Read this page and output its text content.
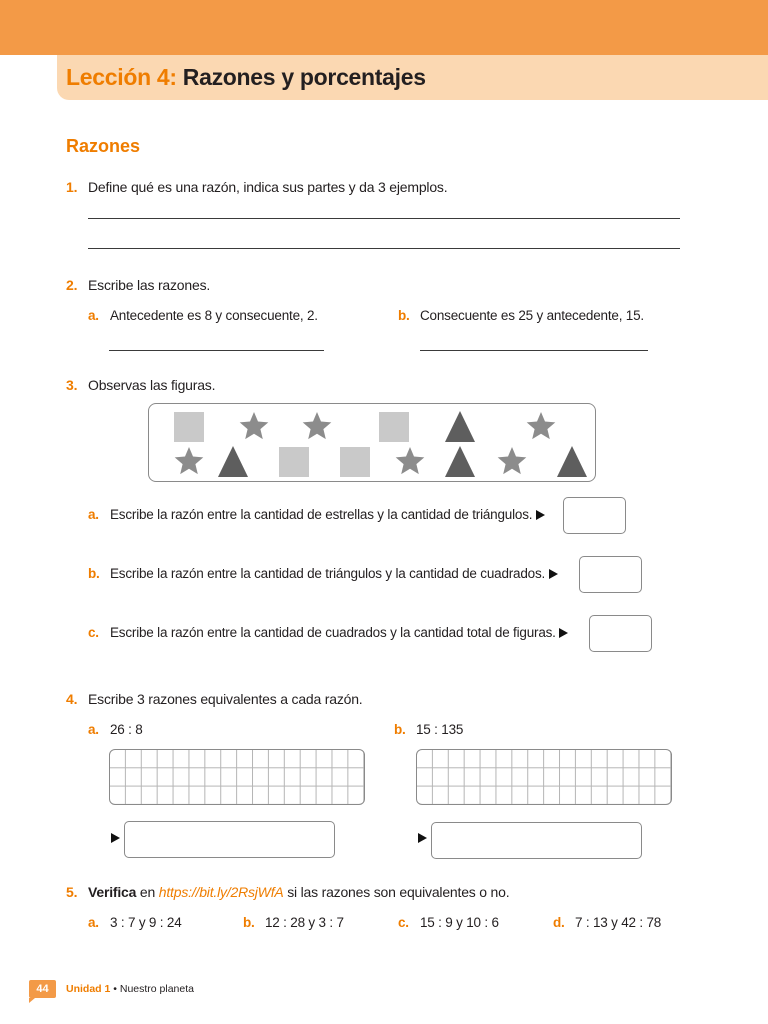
Lección 4: Razones y porcentajes
Razones
1. Define qué es una razón, indica sus partes y da 3 ejemplos.
2. Escribe las razones.
a. Antecedente es 8 y consecuente, 2.	b. Consecuente es 25 y antecedente, 15.
3. Observas las figuras.
a. Escribe la razón entre la cantidad de estrellas y la cantidad de triángulos.
b. Escribe la razón entre la cantidad de triángulos y la cantidad de cuadrados.
c. Escribe la razón entre la cantidad de cuadrados y la cantidad total de figuras.
4. Escribe 3 razones equivalentes a cada razón.
a. 26 : 8	b. 15 : 135
5. Verifica en https://bit.ly/2RsjWfA si las razones son equivalentes o no.
a. 3 : 7 y 9 : 24	b. 12 : 28 y 3 : 7	c. 15 : 9 y 10 : 6	d. 7 : 13 y 42 : 78
44	Unidad 1 • Nuestro planeta
